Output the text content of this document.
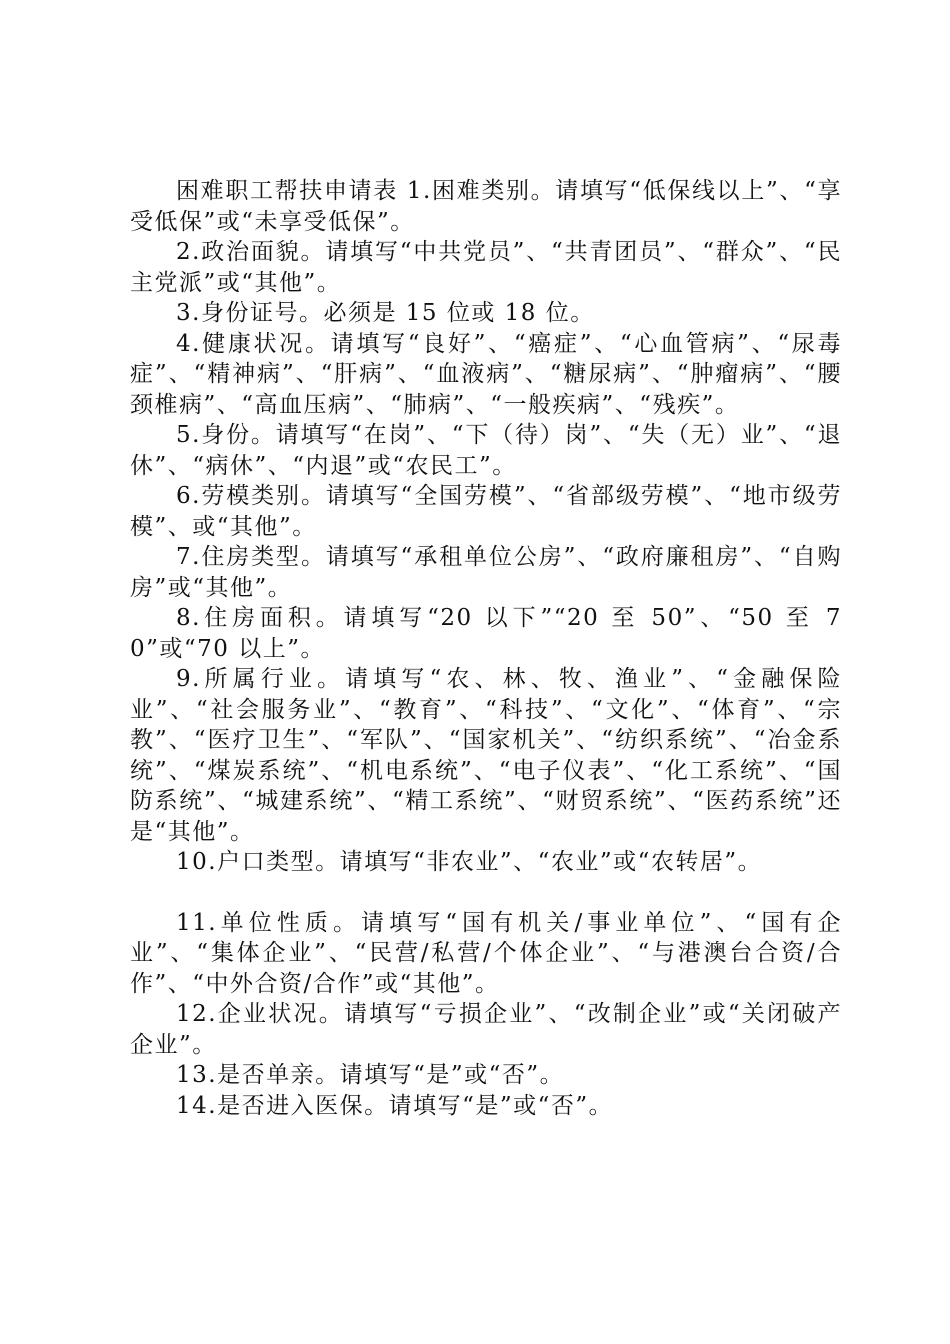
困难职工帮扶申请表 1.困难类别。请填写“低保线以上”、“享受低保”或“未享受低保”。

2.政治面貌。请填写“中共党员”、“共青团员”、“群众”、“民主党派”或“其他”。

3.身份证号。必须是 15 位或 18 位。

4.健康状况。请填写“良好”、“癌症”、“心血管病”、“尿毒症”、“精神病”、“肝病”、“血液病”、“糖尿病”、“肿瘤病”、“腰颈椎病”、“高血压病”、“肺病”、“一般疾病”、“残疾”。

5.身份。请填写“在岗”、“下（待）岗”、“失（无）业”、“退休”、“病休”、“内退”或“农民工”。

6.劳模类别。请填写“全国劳模”、“省部级劳模”、“地市级劳模”、或“其他”。

7.住房类型。请填写“承租单位公房”、“政府廉租房”、“自购房”或“其他”。

8.住房面积。请填写“20 以下”“20 至 50”、“50 至 70”或“70 以上”。

9.所属行业。请填写“农、林、牧、渔业”、“金融保险业”、“社会服务业”、“教育”、“科技”、“文化”、“体育”、“宗教”、“医疗卫生”、“军队”、“国家机关”、“纺织系统”、“冶金系统”、“煤炭系统”、“机电系统”、“电子仪表”、“化工系统”、“国防系统”、“城建系统”、“精工系统”、“财贸系统”、“医药系统”还是“其他”。

10.户口类型。请填写“非农业”、“农业”或“农转居”。

11.单位性质。请填写“国有机关/事业单位”、“国有企业”、“集体企业”、“民营/私营/个体企业”、“与港澳台合资/合作”、“中外合资/合作”或“其他”。

12.企业状况。请填写“亏损企业”、“改制企业”或“关闭破产企业”。

13.是否单亲。请填写“是”或“否”。

14.是否进入医保。请填写“是”或“否”。
